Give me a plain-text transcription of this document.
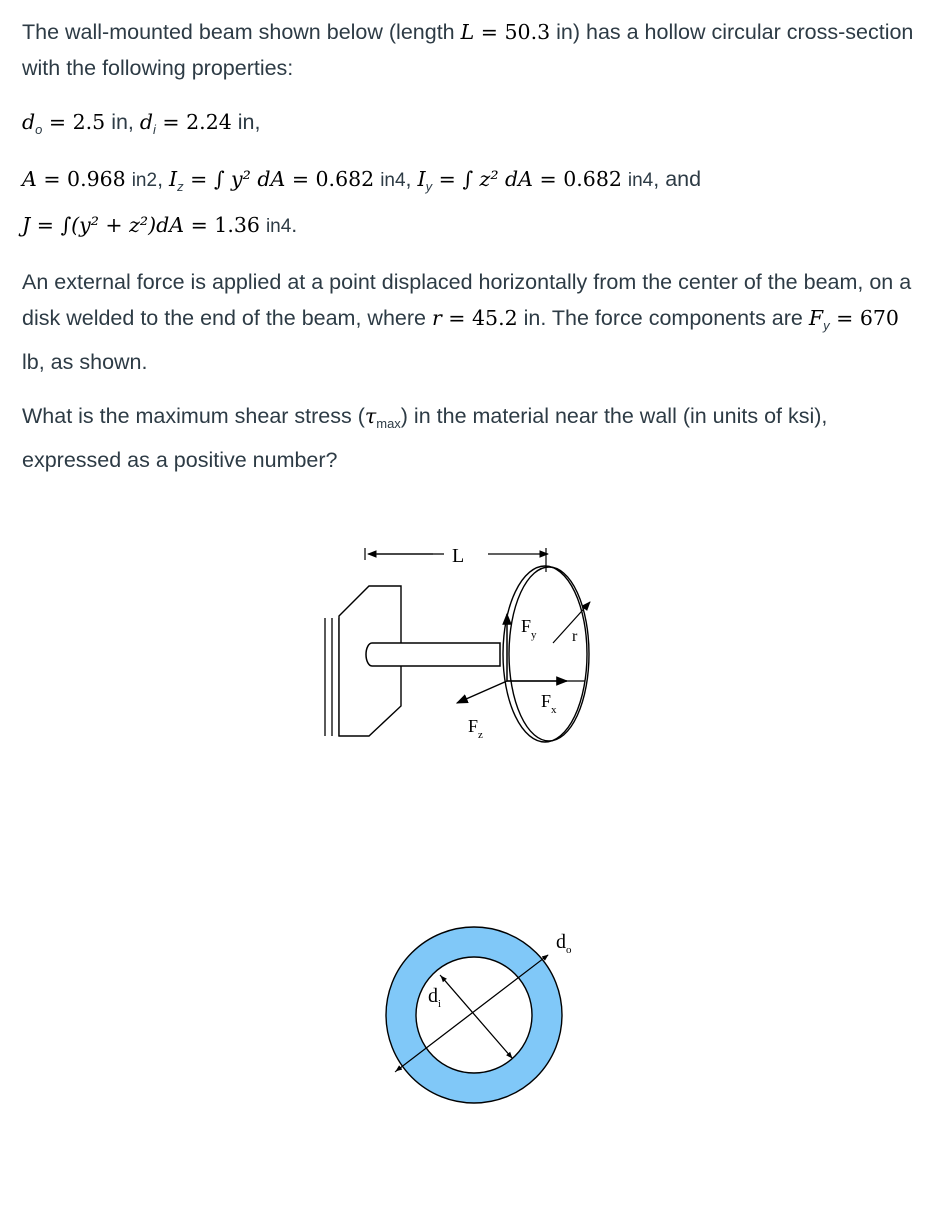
The wall-mounted beam shown below (length L = 50.3 in) has a hollow circular cross-section with the following properties:

$d_o = 2.5$ in, $d_i = 2.24$ in,

A = 0.968 in2, $I_z$ = ∫ y² dA = 0.682 in4, $I_y$ = ∫ z² dA = 0.682 in4, and
J = ∫(y² + z²)dA = 1.36 in4.

An external force is applied at a point displaced horizontally from the center of the beam, on a disk welded to the end of the beam, where r = 45.2 in. The force components are $F_y = 670$ lb, as shown.

What is the maximum shear stress $(\tau_{max})$ in the material near the wall (in units of ksi), expressed as a positive number?

L
r
$F_y$
$F_x$
$F_z$
$d_o$
$d_i$
